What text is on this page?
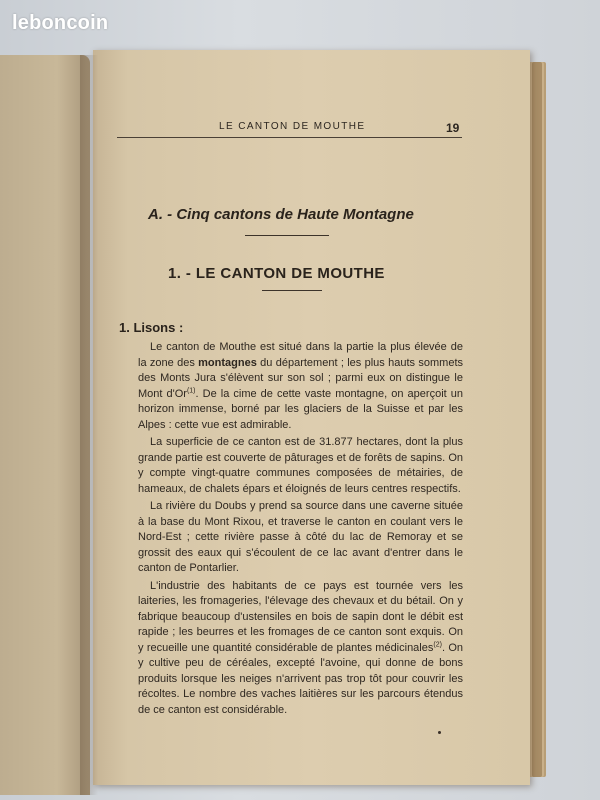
leboncoin
LE CANTON DE MOUTHE	19
A. - Cinq cantons de Haute Montagne
1. - LE CANTON DE MOUTHE
1. Lisons :

Le canton de Mouthe est situé dans la partie la plus élevée de la zone des montagnes du département ; les plus hauts sommets des Monts Jura s'élèvent sur son sol ; parmi eux on distingue le Mont d'Or$^{(1)}$. De la cime de cette vaste montagne, on aperçoit un horizon immense, borné par les glaciers de la Suisse et par les Alpes : cette vue est admirable.

La superficie de ce canton est de 31.877 hectares, dont la plus grande partie est couverte de pâturages et de forêts de sapins. On y compte vingt-quatre communes composées de métairies, de hameaux, de chalets épars et éloignés de leurs centres respectifs.

La rivière du Doubs y prend sa source dans une caverne située à la base du Mont Rixou, et traverse le canton en coulant vers le Nord-Est ; cette rivière passe à côté du lac de Remoray et se grossit des eaux qui s'écoulent de ce lac avant d'entrer dans le canton de Pontarlier.

L'industrie des habitants de ce pays est tournée vers les laiteries, les fromageries, l'élevage des chevaux et du bétail. On y fabrique beaucoup d'ustensiles en bois de sapin dont le débit est rapide ; les beurres et les fromages de ce canton sont exquis. On y recueille une quantité considérable de plantes médicinales$^{(2)}$. On y cultive peu de céréales, excepté l'avoine, qui donne de bons produits lorsque les neiges n'arrivent pas trop tôt pour couvrir les récoltes. Le nombre des vaches laitières sur les parcours étendus de ce canton est considérable.
